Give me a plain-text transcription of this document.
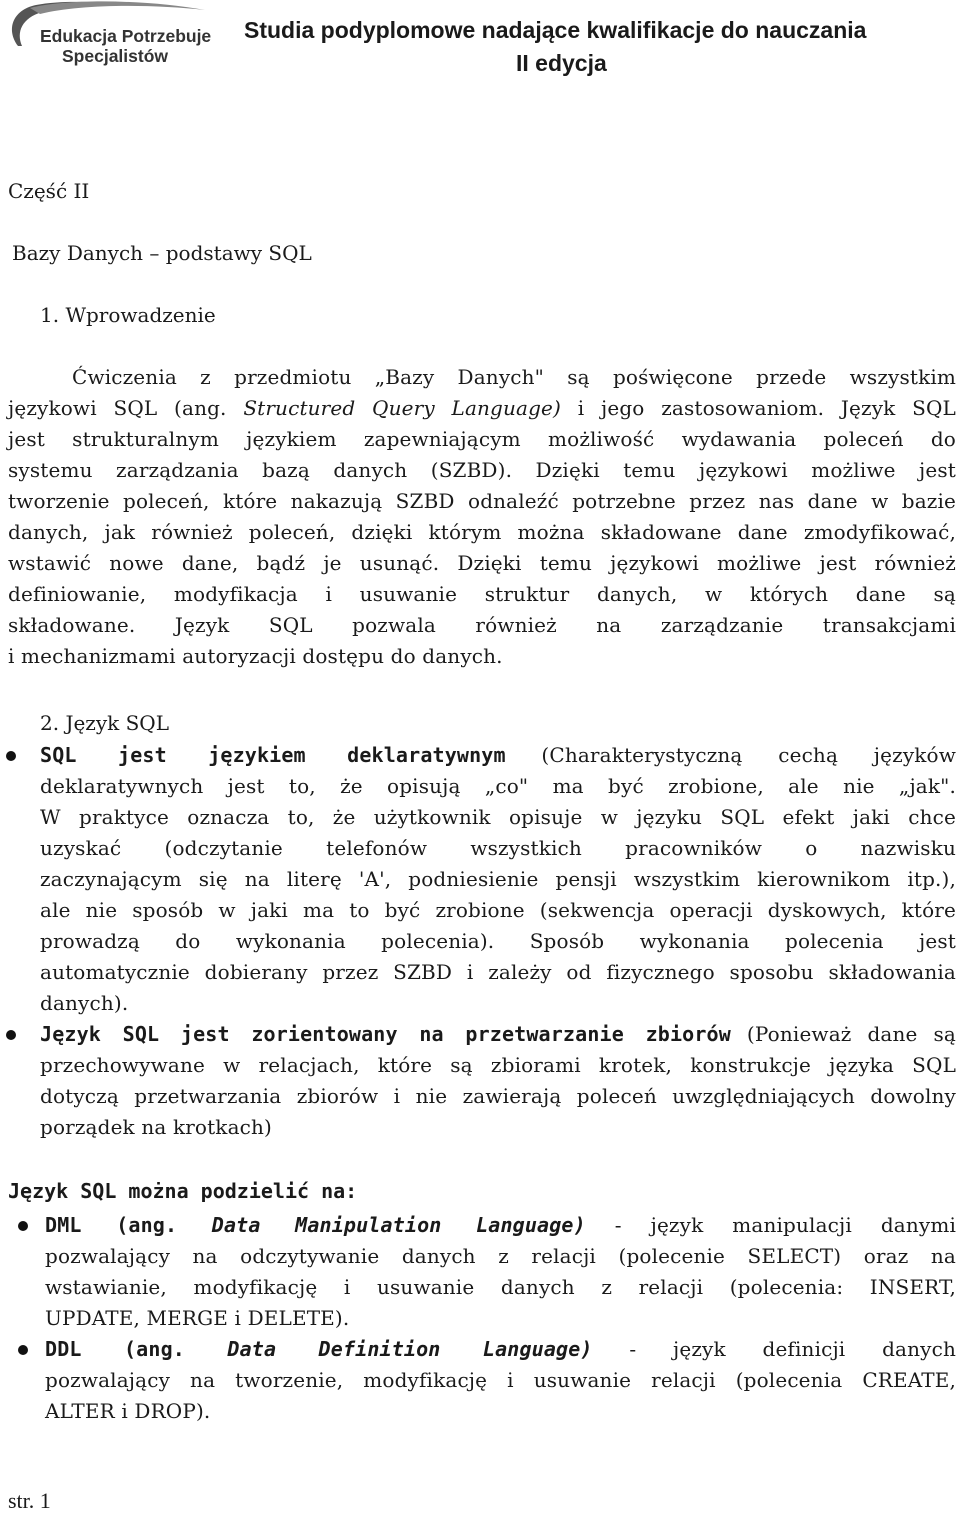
Edukacja Potrzebuje
Specjalistów
Studia podyplomowe nadające kwalifikacje do nauczania
II edycja
Część II
Bazy Danych – podstawy SQL
1. Wprowadzenie
Ćwiczenia z przedmiotu „Bazy Danych" są poświęcone przede wszystkim
językowi SQL (ang. Structured Query Language) i jego zastosowaniom. Język SQL
jest strukturalnym językiem zapewniającym możliwość wydawania poleceń do
systemu zarządzania bazą danych (SZBD). Dzięki temu językowi możliwe jest
tworzenie poleceń, które nakazują SZBD odnaleźć potrzebne przez nas dane w bazie
danych, jak również poleceń, dzięki którym można składowane dane zmodyfikować,
wstawić nowe dane, bądź je usunąć. Dzięki temu językowi możliwe jest również
definiowanie, modyfikacja i usuwanie struktur danych, w których dane są
składowane. Język SQL pozwala również na zarządzanie transakcjami
i mechanizmami autoryzacji dostępu do danych.
2. Język SQL
SQL jest językiem deklaratywnym (Charakterystyczną cechą języków
deklaratywnych jest to, że opisują „co" ma być zrobione, ale nie „jak".
W praktyce oznacza to, że użytkownik opisuje w języku SQL efekt jaki chce
uzyskać (odczytanie telefonów wszystkich pracowników o nazwisku
zaczynającym się na literę 'A', podniesienie pensji wszystkim kierownikom itp.),
ale nie sposób w jaki ma to być zrobione (sekwencja operacji dyskowych, które
prowadzą do wykonania polecenia). Sposób wykonania polecenia jest
automatycznie dobierany przez SZBD i zależy od fizycznego sposobu składowania
danych).
Język SQL jest zorientowany na przetwarzanie zbiorów (Ponieważ dane są
przechowywane w relacjach, które są zbiorami krotek, konstrukcje języka SQL
dotyczą przetwarzania zbiorów i nie zawierają poleceń uwzględniających dowolny
porządek na krotkach)
Język SQL można podzielić na:
DML (ang. Data Manipulation Language) - język manipulacji danymi
pozwalający na odczytywanie danych z relacji (polecenie SELECT) oraz na
wstawianie, modyfikację i usuwanie danych z relacji (polecenia: INSERT,
UPDATE, MERGE i DELETE).
DDL (ang. Data Definition Language) - język definicji danych
pozwalający na tworzenie, modyfikację i usuwanie relacji (polecenia CREATE,
ALTER i DROP).
str. 1
